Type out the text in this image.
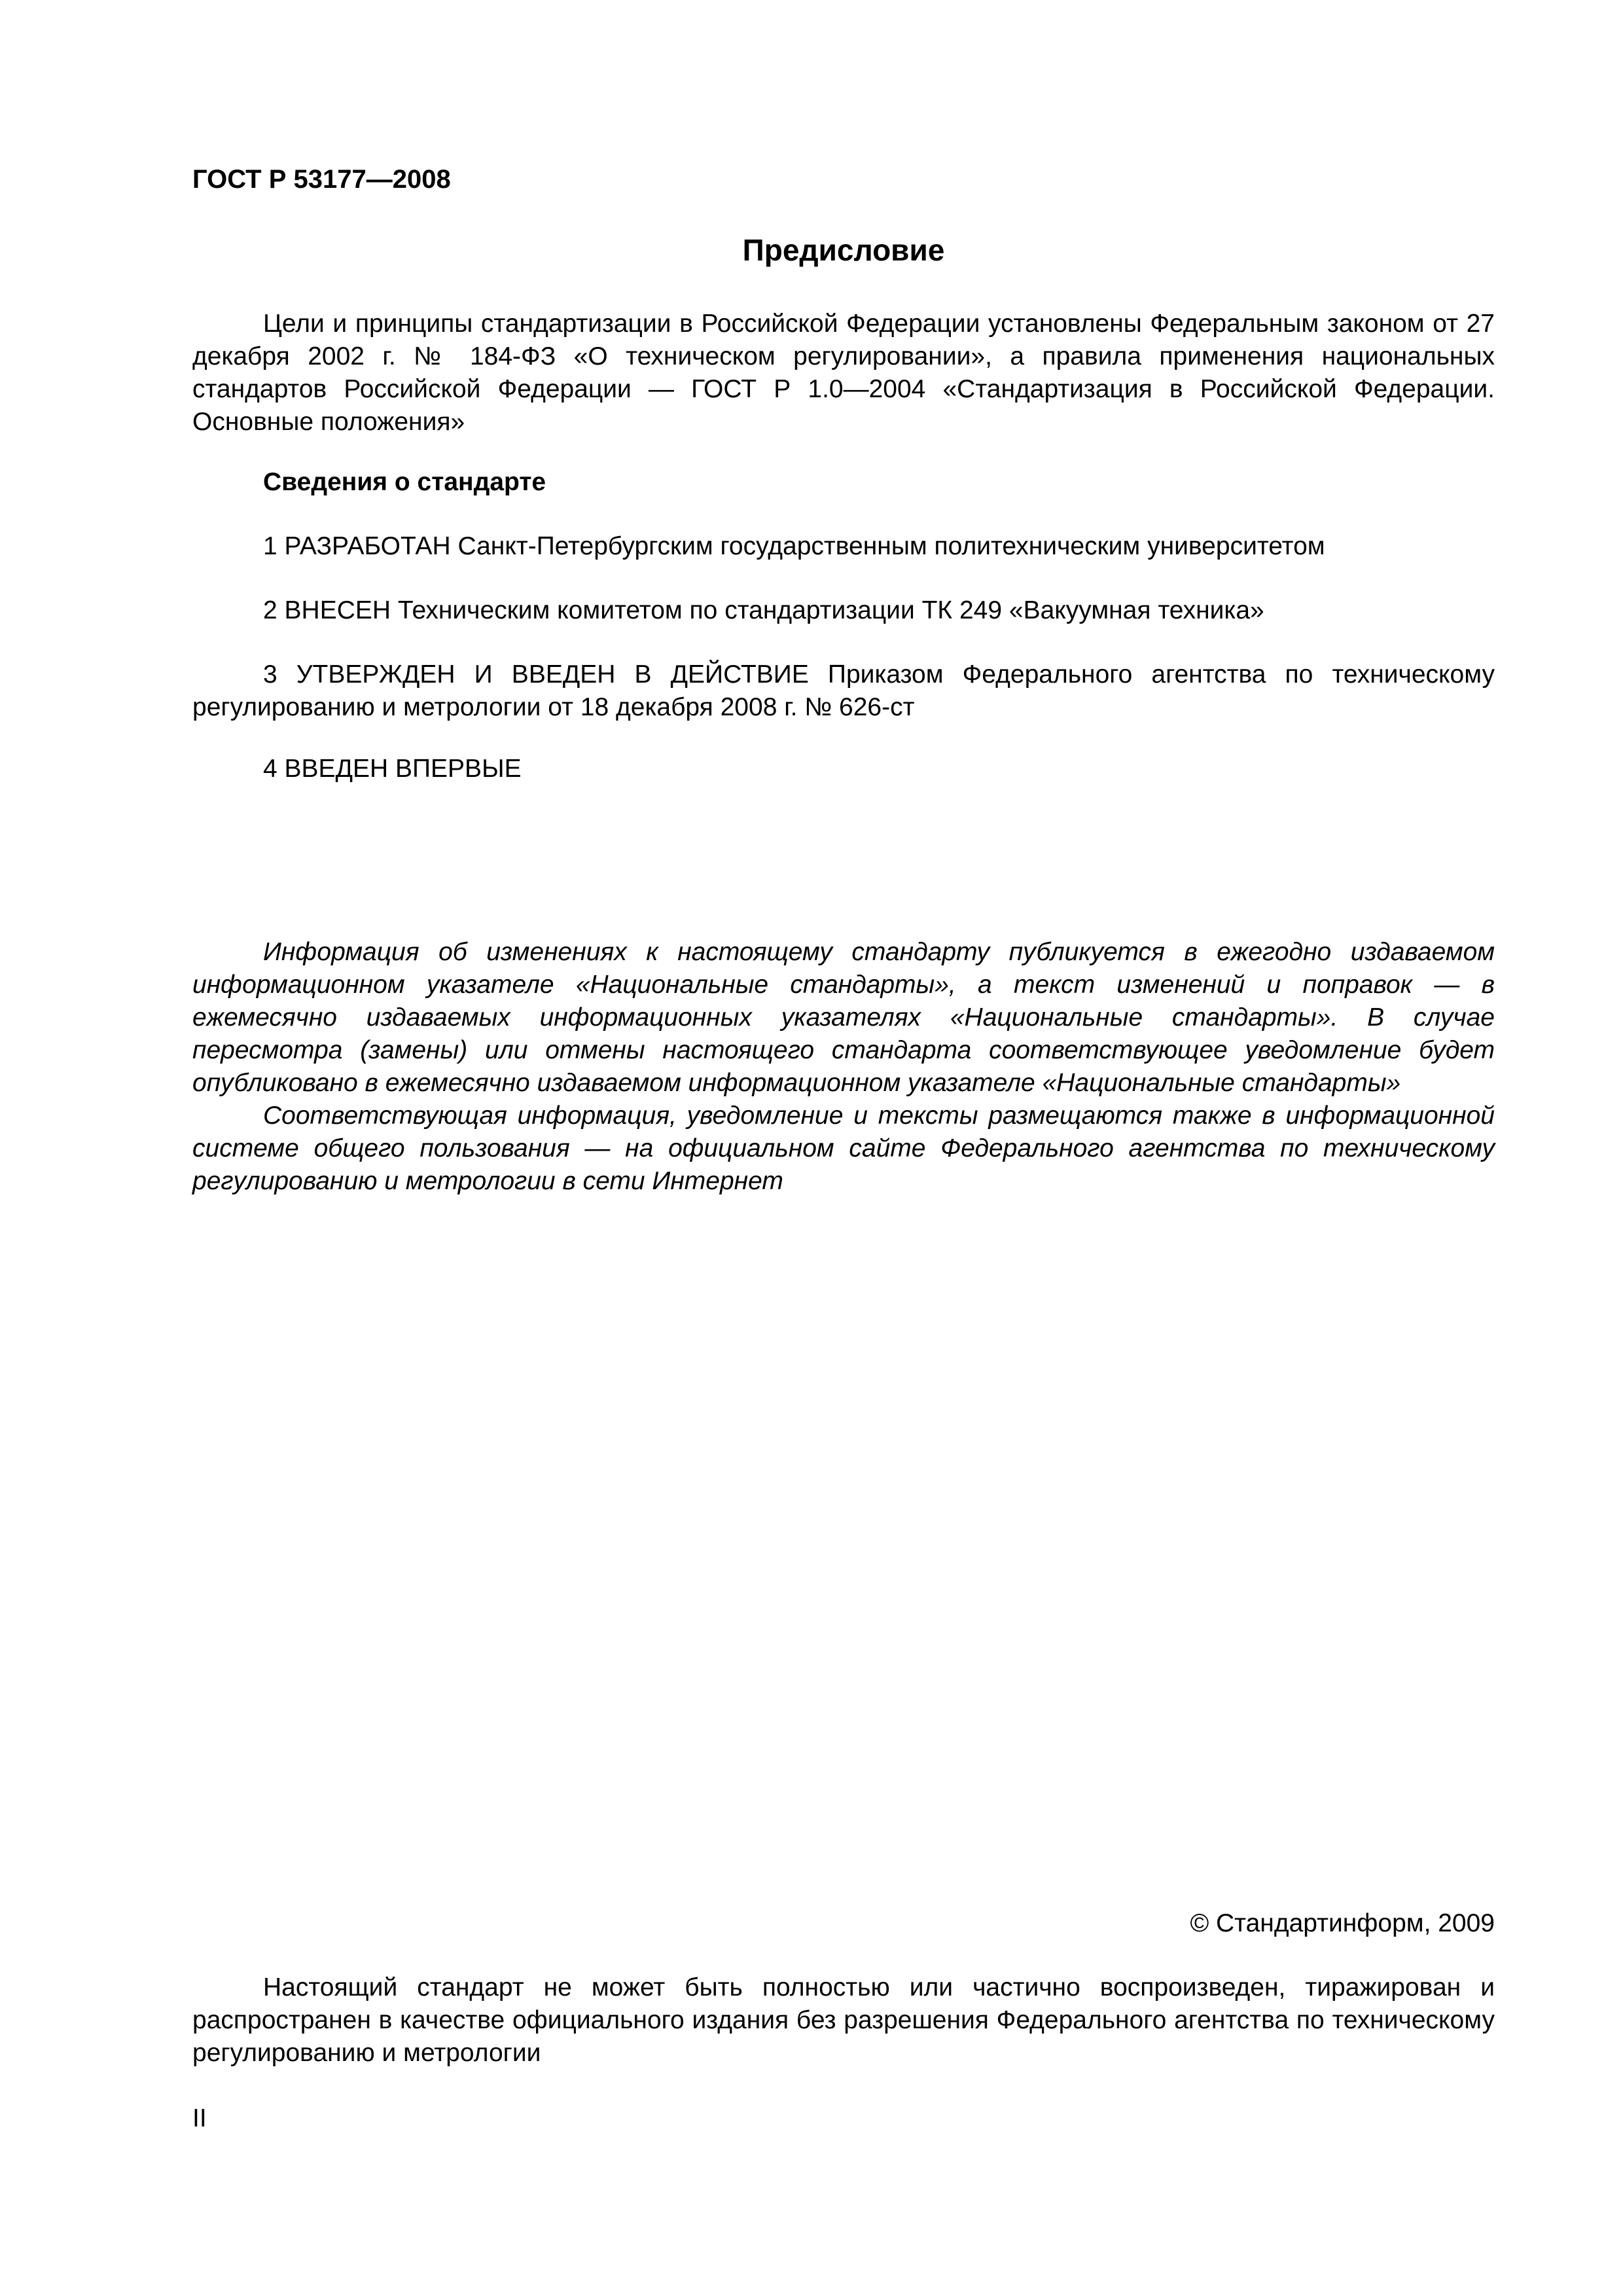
ГОСТ Р 53177—2008
Предисловие

Цели и принципы стандартизации в Российской Федерации установлены Федеральным законом от 27 декабря 2002 г. № 184-ФЗ «О техническом регулировании», а правила применения национальных стандартов Российской Федерации — ГОСТ Р 1.0—2004 «Стандартизация в Российской Федерации. Основные положения»

Сведения о стандарте

1 РАЗРАБОТАН Санкт-Петербургским государственным политехническим университетом

2 ВНЕСЕН Техническим комитетом по стандартизации ТК 249 «Вакуумная техника»

3 УТВЕРЖДЕН И ВВЕДЕН В ДЕЙСТВИЕ Приказом Федерального агентства по техническому регулированию и метрологии от 18 декабря 2008 г. № 626-ст

4 ВВЕДЕН ВПЕРВЫЕ

Информация об изменениях к настоящему стандарту публикуется в ежегодно издаваемом информационном указателе «Национальные стандарты», а текст изменений и поправок — в ежемесячно издаваемых информационных указателях «Национальные стандарты». В случае пересмотра (замены) или отмены настоящего стандарта соответствующее уведомление будет опубликовано в ежемесячно издаваемом информационном указателе «Национальные стандарты»

Соответствующая информация, уведомление и тексты размещаются также в информационной системе общего пользования — на официальном сайте Федерального агентства по техническому регулированию и метрологии в сети Интернет

© Стандартинформ, 2009

Настоящий стандарт не может быть полностью или частично воспроизведен, тиражирован и распространен в качестве официального издания без разрешения Федерального агентства по техническому регулированию и метрологии

II
